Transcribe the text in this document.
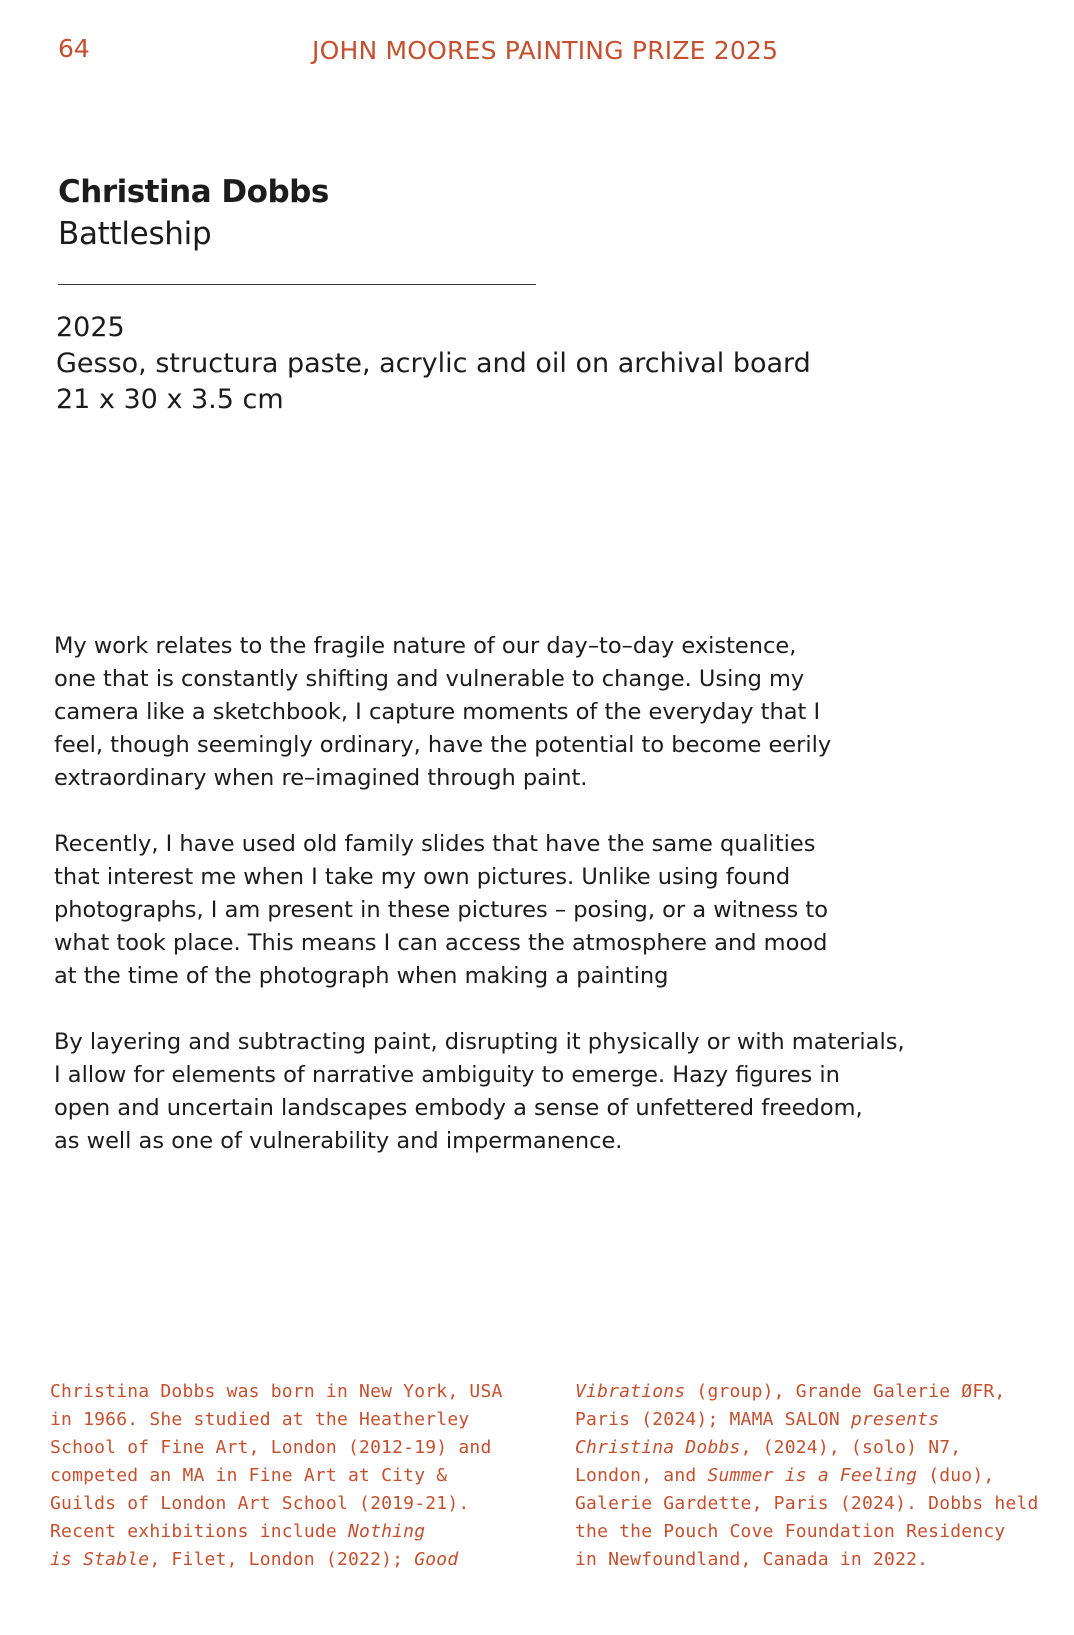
64	JOHN MOORES PAINTING PRIZE 2025
Christina Dobbs
Battleship
2025
Gesso, structura paste, acrylic and oil on archival board
21 x 30 x 3.5 cm

My work relates to the fragile nature of our day–to–day existence,
one that is constantly shifting and vulnerable to change. Using my
camera like a sketchbook, I capture moments of the everyday that I
feel, though seemingly ordinary, have the potential to become eerily
extraordinary when re–imagined through paint.

Recently, I have used old family slides that have the same qualities
that interest me when I take my own pictures. Unlike using found
photographs, I am present in these pictures – posing, or a witness to
what took place. This means I can access the atmosphere and mood
at the time of the photograph when making a painting

By layering and subtracting paint, disrupting it physically or with materials,
I allow for elements of narrative ambiguity to emerge. Hazy figures in
open and uncertain landscapes embody a sense of unfettered freedom,
as well as one of vulnerability and impermanence.

Christina Dobbs was born in New York, USA
in 1966. She studied at the Heatherley
School of Fine Art, London (2012-19) and
competed an MA in Fine Art at City &
Guilds of London Art School (2019-21).
Recent exhibitions include Nothing
is Stable, Filet, London (2022); Good
Vibrations (group), Grande Galerie ØFR,
Paris (2024); MAMA SALON presents
Christina Dobbs, (2024), (solo) N7,
London, and Summer is a Feeling (duo),
Galerie Gardette, Paris (2024). Dobbs held
the the Pouch Cove Foundation Residency
in Newfoundland, Canada in 2022.
